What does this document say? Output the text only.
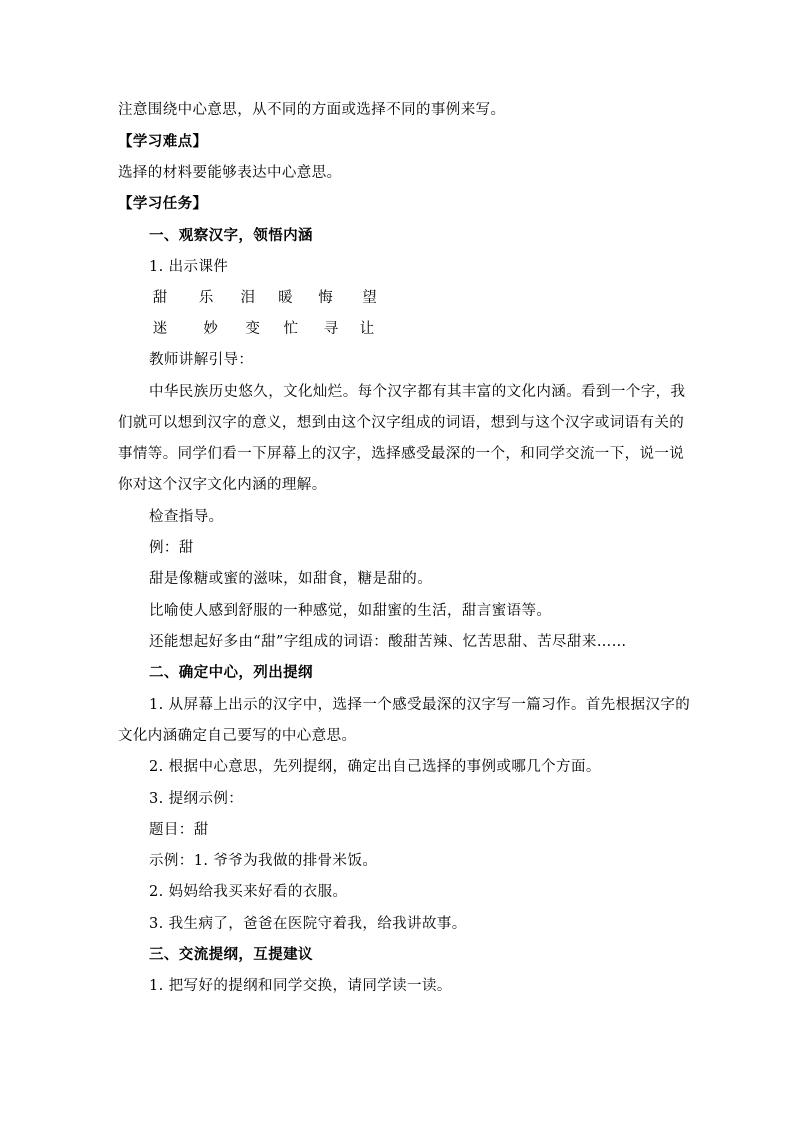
注意围绕中心意思，从不同的方面或选择不同的事例来写。
【学习难点】
选择的材料要能够表达中心意思。
【学习任务】
一、观察汉字，领悟内涵
1. 出示课件
甜 乐 泪 暖 悔 望
迷 妙 变 忙 寻 让
教师讲解引导：
中华民族历史悠久，文化灿烂。每个汉字都有其丰富的文化内涵。看到一个字，我
们就可以想到汉字的意义，想到由这个汉字组成的词语，想到与这个汉字或词语有关的
事情等。同学们看一下屏幕上的汉字，选择感受最深的一个，和同学交流一下，说一说
你对这个汉字文化内涵的理解。
检查指导。
例：甜
甜是像糖或蜜的滋味，如甜食，糖是甜的。
比喻使人感到舒服的一种感觉，如甜蜜的生活，甜言蜜语等。
还能想起好多由“甜”字组成的词语：酸甜苦辣、忆苦思甜、苦尽甜来……
二、确定中心，列出提纲
1. 从屏幕上出示的汉字中，选择一个感受最深的汉字写一篇习作。首先根据汉字的
文化内涵确定自己要写的中心意思。
2. 根据中心意思，先列提纲，确定出自己选择的事例或哪几个方面。
3. 提纲示例：
题目：甜
示例：1. 爷爷为我做的排骨米饭。
2. 妈妈给我买来好看的衣服。
3. 我生病了，爸爸在医院守着我，给我讲故事。
三、交流提纲，互提建议
1. 把写好的提纲和同学交换，请同学读一读。
